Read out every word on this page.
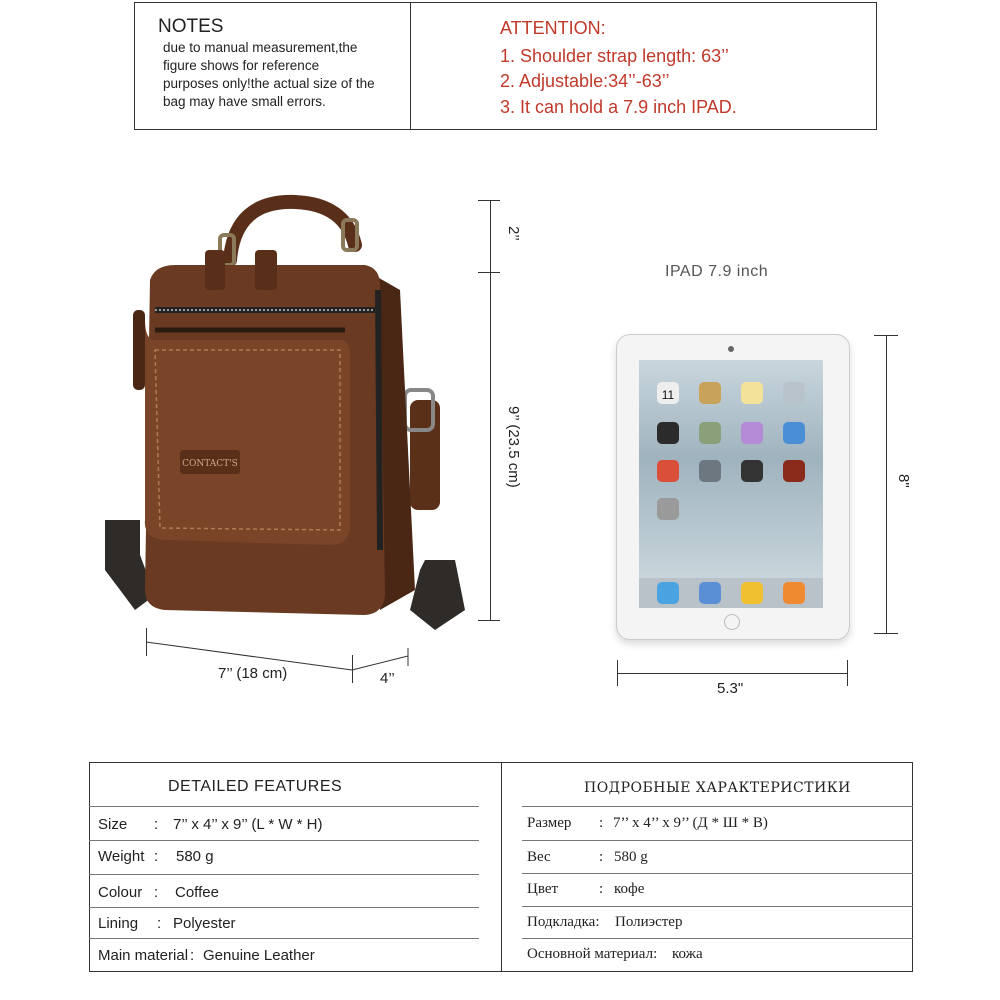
NOTES
due to manual measurement,the
figure shows for reference
purposes only!the actual size of the
bag may have small errors.
ATTENTION:
1. Shoulder strap length: 63’’
2. Adjustable:34’’-63’’
3. It can hold a 7.9 inch IPAD.
CONTACT'S
2’’
9’’ (23.5 cm)
7’’ (18 cm)	4’’
IPAD 7.9 inch
11
8"
5.3"
DETAILED FEATURES
Size : 7’’ x 4’’ x 9’’ (L * W * H)
Weight : 580 g
Colour : Coffee
Lining : Polyester
Main material : Genuine Leather
ПОДРОБНЫЕ ХАРАКТЕРИСТИКИ
Размер : 7’’ x 4’’ x 9’’ (Д * Ш * В)
Вес	: 580 g
Цвет	: кофе
Подкладка: Полиэстер
Основной материал: кожа
